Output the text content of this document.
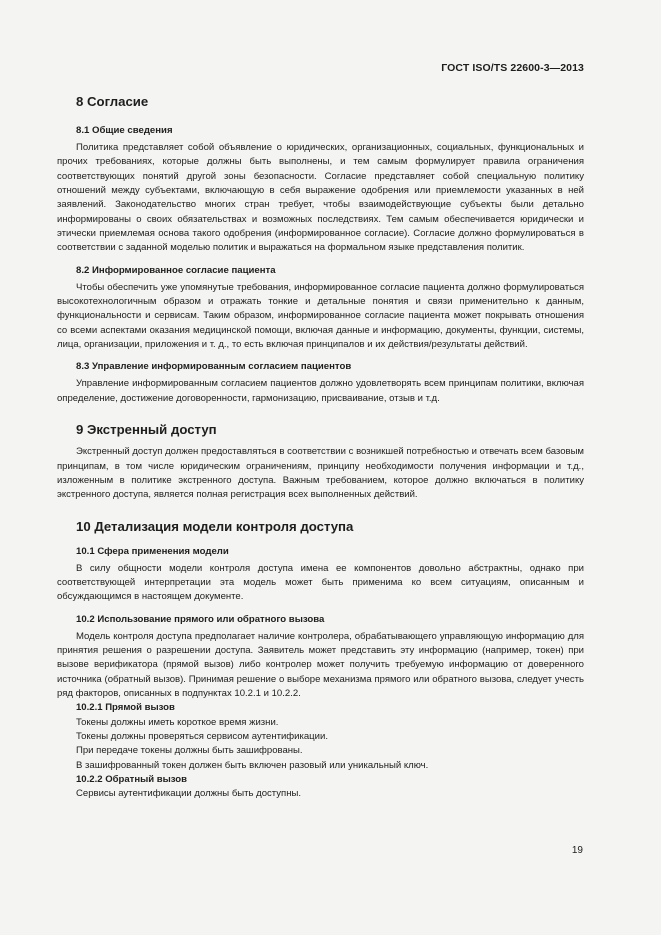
ГОСТ ISO/TS 22600-3—2013
8 Согласие
8.1 Общие сведения

Политика представляет собой объявление о юридических, организационных, социальных, функциональных и прочих требованиях, которые должны быть выполнены, и тем самым формулирует правила ограничения соответствующих понятий другой зоны безопасности. Согласие представляет собой специальную политику отношений между субъектами, включающую в себя выражение одобрения или приемлемости указанных в ней заявлений. Законодательство многих стран требует, чтобы взаимодействующие субъекты были детально информированы о своих обязательствах и возможных последствиях. Тем самым обеспечивается юридически и этически приемлемая основа такого одобрения (информированное согласие). Согласие должно формулироваться в соответствии с заданной моделью политик и выражаться на формальном языке представления политик.

8.2 Информированное согласие пациента

Чтобы обеспечить уже упомянутые требования, информированное согласие пациента должно формулироваться высокотехнологичным образом и отражать тонкие и детальные понятия и связи применительно к данным, функциональности и сервисам. Таким образом, информированное согласие пациента может покрывать отношения со всеми аспектами оказания медицинской помощи, включая данные и информацию, документы, функции, системы, лица, организации, приложения и т. д., то есть включая принципалов и их действия/результаты действий.

8.3 Управление информированным согласием пациентов

Управление информированным согласием пациентов должно удовлетворять всем принципам политики, включая определение, достижение договоренности, гармонизацию, присваивание, отзыв и т.д.

9 Экстренный доступ

Экстренный доступ должен предоставляться в соответствии с возникшей потребностью и отвечать всем базовым принципам, в том числе юридическим ограничениям, принципу необходимости получения информации и т.д., изложенным в политике экстренного доступа. Важным требованием, которое должно включаться в политику экстренного доступа, является полная регистрация всех выполненных действий.

10 Детализация модели контроля доступа
10.1 Сфера применения модели

В силу общности модели контроля доступа имена ее компонентов довольно абстрактны, однако при соответствующей интерпретации эта модель может быть применима ко всем ситуациям, описанным и обсуждающимся в настоящем документе.

10.2 Использование прямого или обратного вызова

Модель контроля доступа предполагает наличие контролера, обрабатывающего управляющую информацию для принятия решения о разрешении доступа. Заявитель может представить эту информацию (например, токен) при вызове верификатора (прямой вызов) либо контролер может получить требуемую информацию от доверенного источника (обратный вызов). Принимая решение о выборе механизма прямого или обратного вызова, следует учесть ряд факторов, описанных в подпунктах 10.2.1 и 10.2.2.

10.2.1 Прямой вызов
Токены должны иметь короткое время жизни.
Токены должны проверяться сервисом аутентификации.
При передаче токены должны быть зашифрованы.
В зашифрованный токен должен быть включен разовый или уникальный ключ.
10.2.2 Обратный вызов
Сервисы аутентификации должны быть доступны.
19
